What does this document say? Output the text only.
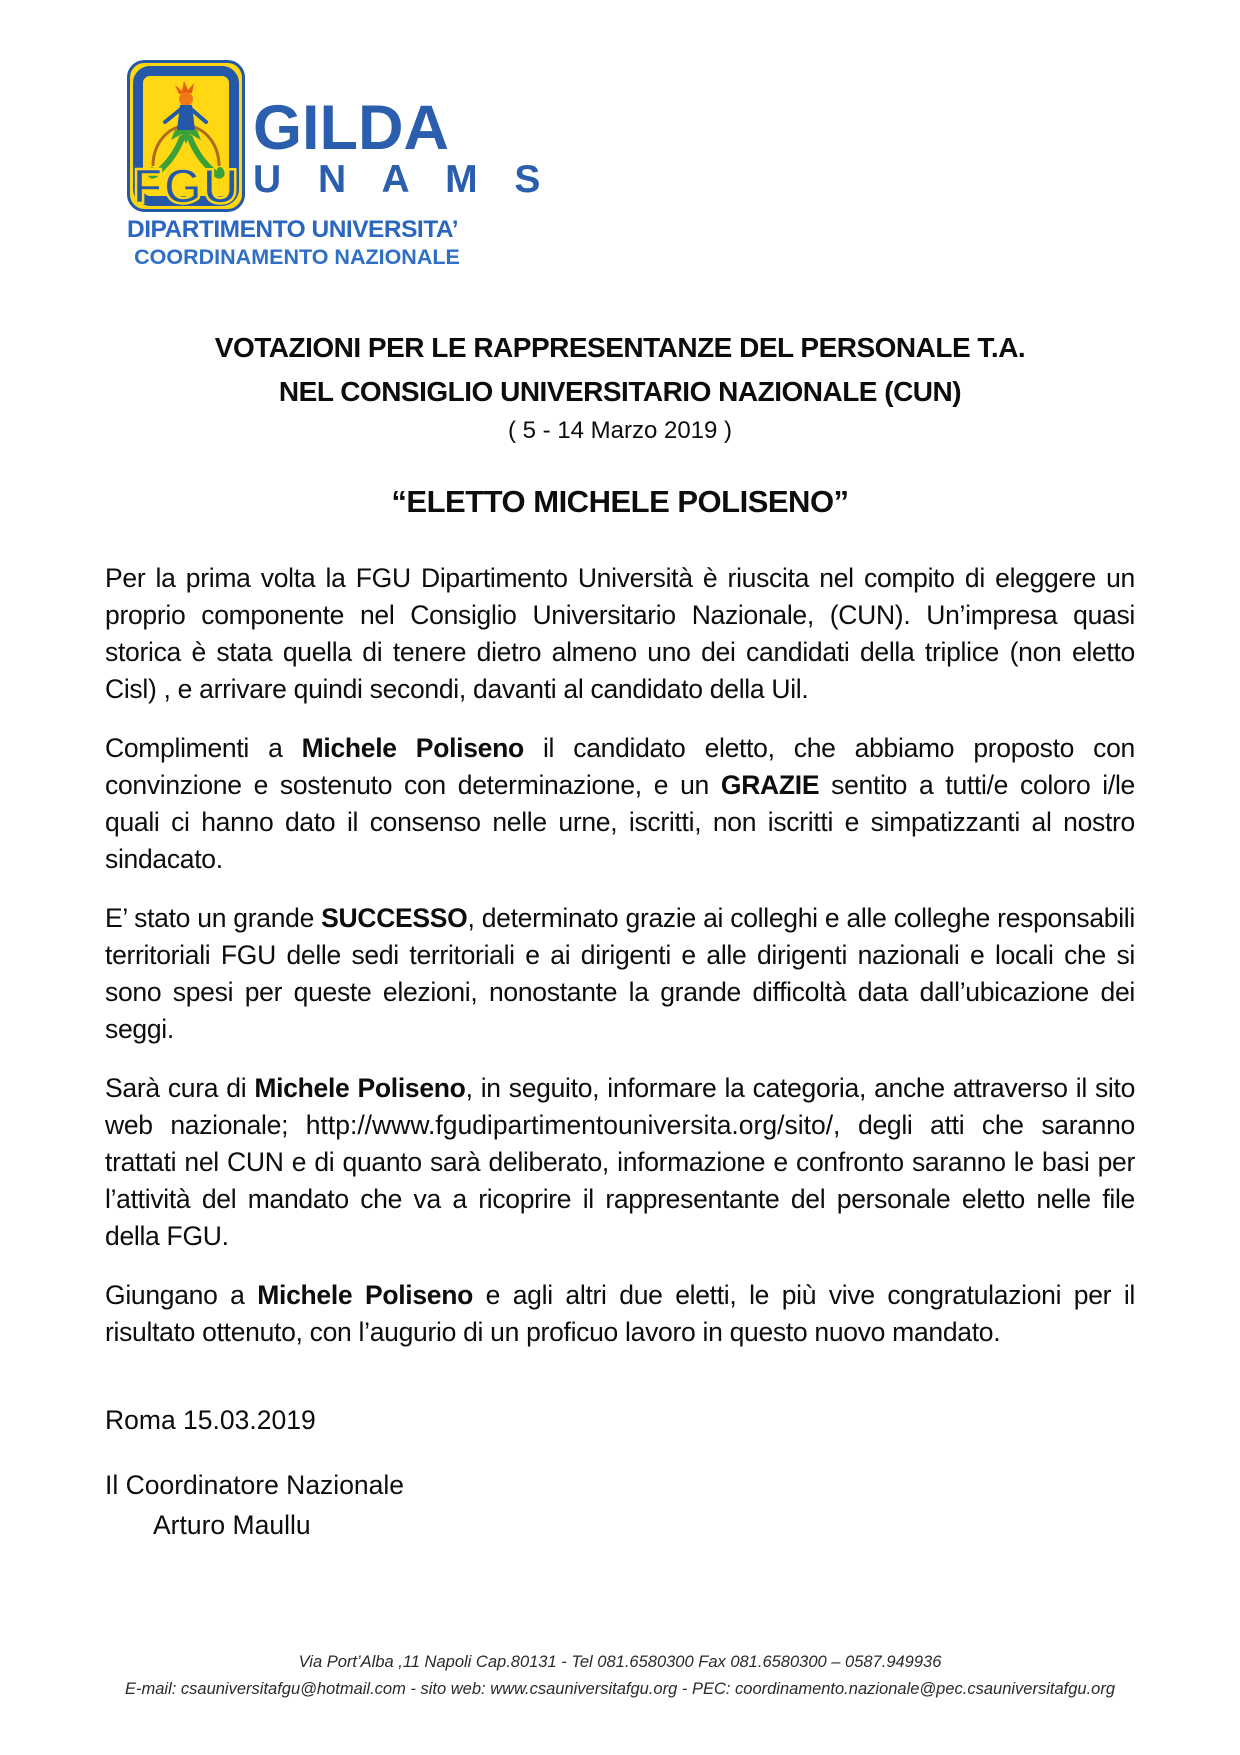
FGU
GILDA
U N A M S
DIPARTIMENTO UNIVERSITA’
COORDINAMENTO NAZIONALE
VOTAZIONI PER LE RAPPRESENTANZE DEL PERSONALE T.A.
NEL CONSIGLIO UNIVERSITARIO NAZIONALE (CUN)
( 5 - 14 Marzo 2019 )
“ELETTO MICHELE POLISENO”

Per la prima volta la FGU Dipartimento Università è riuscita nel compito di eleggere un proprio componente nel Consiglio Universitario Nazionale, (CUN). Un’impresa quasi storica è stata quella di tenere dietro almeno uno dei candidati della triplice (non eletto Cisl) , e arrivare quindi secondi, davanti al candidato della Uil.

Complimenti a Michele Poliseno il candidato eletto, che abbiamo proposto con convinzione e sostenuto con determinazione, e un GRAZIE sentito a tutti/e coloro i/le quali ci hanno dato il consenso nelle urne, iscritti, non iscritti e simpatizzanti al nostro sindacato.

E’ stato un grande SUCCESSO, determinato grazie ai colleghi e alle colleghe responsabili territoriali FGU delle sedi territoriali e ai dirigenti e alle dirigenti nazionali e locali che si sono spesi per queste elezioni, nonostante la grande difficoltà data dall’ubicazione dei seggi.

Sarà cura di Michele Poliseno, in seguito, informare la categoria, anche attraverso il sito web nazionale; http://www.fgudipartimentouniversita.org/sito/, degli atti che saranno trattati nel CUN e di quanto sarà deliberato, informazione e confronto saranno le basi per l’attività del mandato che va a ricoprire il rappresentante del personale eletto nelle file della FGU.

Giungano a Michele Poliseno e agli altri due eletti, le più vive congratulazioni per il risultato ottenuto, con l’augurio di un proficuo lavoro in questo nuovo mandato.

Roma 15.03.2019
Il Coordinatore Nazionale
Arturo Maullu
Via Port’Alba ,11 Napoli Cap.80131 - Tel 081.6580300 Fax 081.6580300 – 0587.949936
E-mail: csauniversitafgu@hotmail.com - sito web: www.csauniversitafgu.org - PEC: coordinamento.nazionale@pec.csauniversitafgu.org
